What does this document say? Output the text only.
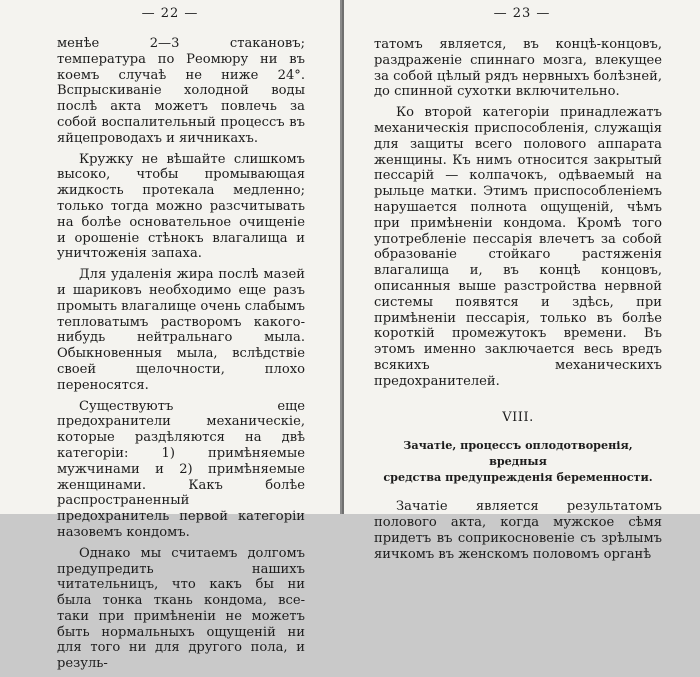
— 22 —

менѣе 2—3 стакановъ; температура по Реомюру ни въ коемъ случаѣ не ниже 24°. Вспрыскиваніе холодной воды послѣ акта можетъ повлечь за собой воспалительный процессъ въ яйцепроводахъ и яичникахъ.

Кружку не вѣшайте слишкомъ высоко, чтобы промывающая жидкость протекала медленно; только тогда можно разсчитывать на болѣе основательное очищеніе и орошеніе стѣнокъ влагалища и уничтоженія запаха.

Для удаленія жира послѣ мазей и шариковъ необходимо еще разъ промыть влагалище очень слабымъ тепловатымъ растворомъ какого-нибудь нейтральнаго мыла. Обыкновенныя мыла, вслѣдствіе своей щелочности, плохо переносятся.

Существуютъ еще предохранители механическіе, которые раздѣляются на двѣ категоріи: 1) примѣняемые мужчинами и 2) примѣняемые женщинами. Какъ болѣе распространенный предохранитель первой категоріи назовемъ кондомъ.

Однако мы считаемъ долгомъ предупредить нашихъ читательницъ, что какъ бы ни была тонка ткань кондома, все-таки при примѣненіи не можетъ быть нормальныхъ ощущеній ни для того ни для другого пола, и резуль-

— 23 —

татомъ является, въ концѣ-концовъ, раздраженіе спиннаго мозга, влекущее за собой цѣлый рядъ нервныхъ болѣзней, до спинной сухотки включительно.

Ко второй категоріи принадлежатъ механическія приспособленія, служащія для защиты всего полового аппарата женщины. Къ нимъ относится закрытый пессарій — колпачокъ, одѣваемый на рыльце матки. Этимъ приспособленіемъ нарушается полнота ощущеній, чѣмъ при примѣненіи кондома. Кромѣ того употребленіе пессарія влечетъ за собой образованіе стойкаго растяженія влагалища и, въ концѣ концовъ, описанныя выше разстройства нервной системы появятся и здѣсь, при примѣненіи пессарія, только въ болѣе короткій промежутокъ времени. Въ этомъ именно заключается весь вредъ всякихъ механическихъ предохранителей.

VIII.
Зачатіе, процессъ оплодотворенія, вредныя
средства предупрежденія беременности.

Зачатіе является результатомъ полового акта, когда мужское сѣмя придетъ въ соприкосновеніе съ зрѣлымъ яичкомъ въ женскомъ половомъ органѣ
